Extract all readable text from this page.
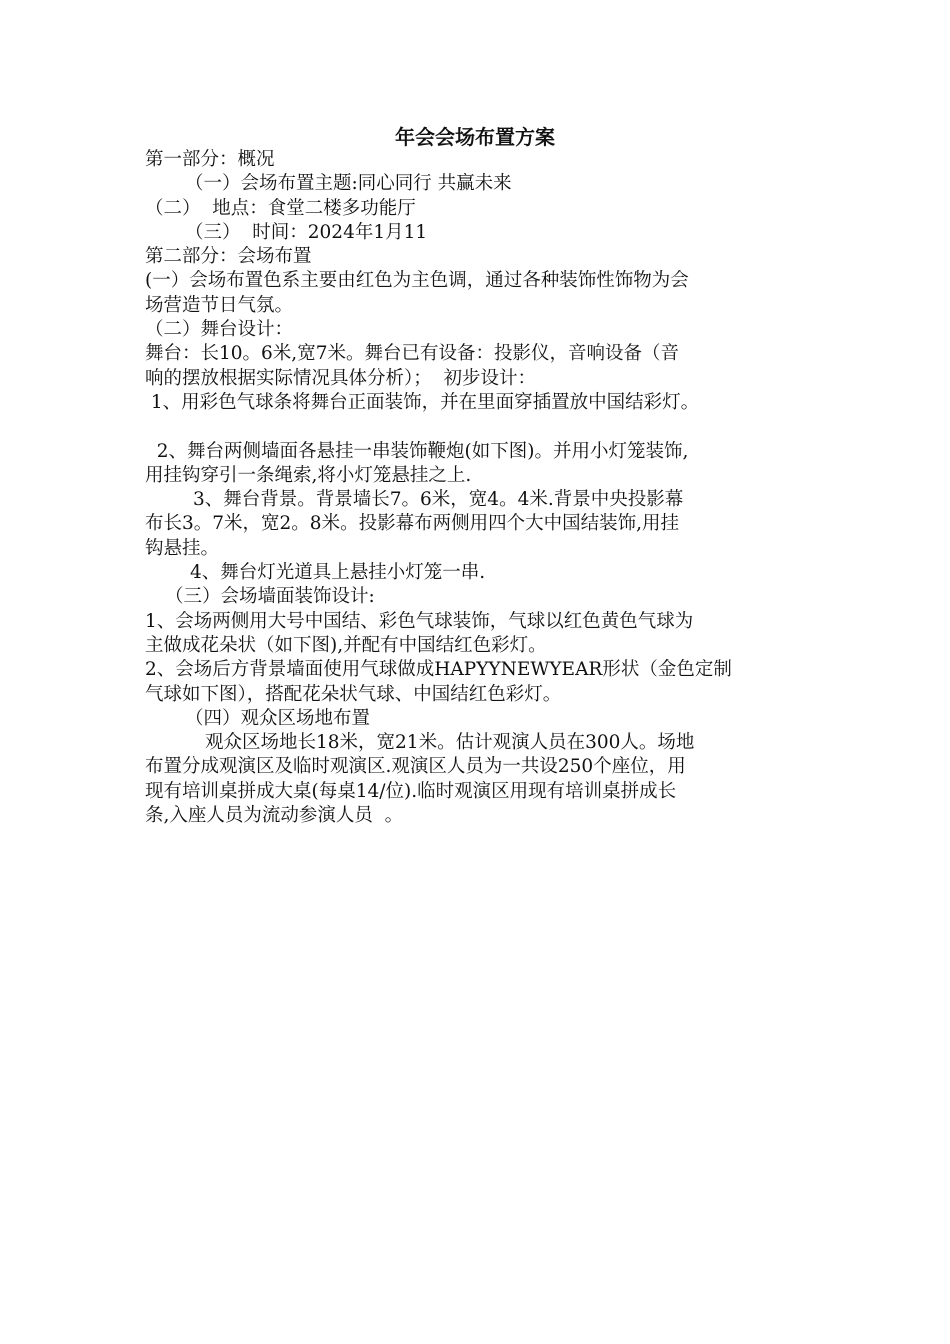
年会会场布置方案
第一部分：概况
（一）会场布置主题:同心同行 共赢未来
（二）  地点：食堂二楼多功能厅
（三）  时间：2024年1月11
第二部分：会场布置
(一）会场布置色系主要由红色为主色调，通过各种装饰性饰物为会
场营造节日气氛。
（二）舞台设计：
舞台：长10。6米,宽7米。舞台已有设备：投影仪，音响设备（音
响的摆放根据实际情况具体分析）；  初步设计：
1、用彩色气球条将舞台正面装饰，并在里面穿插置放中国结彩灯。
2、舞台两侧墙面各悬挂一串装饰鞭炮(如下图)。并用小灯笼装饰,
用挂钩穿引一条绳索,将小灯笼悬挂之上.
3、舞台背景。背景墙长7。6米，宽4。4米.背景中央投影幕
布长3。7米，宽2。8米。投影幕布两侧用四个大中国结装饰,用挂
钩悬挂。
4、舞台灯光道具上悬挂小灯笼一串.
（三）会场墙面装饰设计:
1、会场两侧用大号中国结、彩色气球装饰，气球以红色黄色气球为
主做成花朵状（如下图),并配有中国结红色彩灯。
2、会场后方背景墙面使用气球做成HAPYYNEWYEAR形状（金色定制
气球如下图），搭配花朵状气球、中国结红色彩灯。
（四）观众区场地布置
观众区场地长18米，宽21米。估计观演人员在300人。场地
布置分成观演区及临时观演区.观演区人员为一共设250个座位，用
现有培训桌拼成大桌(每桌14/位).临时观演区用现有培训桌拼成长
条,入座人员为流动参演人员  。
